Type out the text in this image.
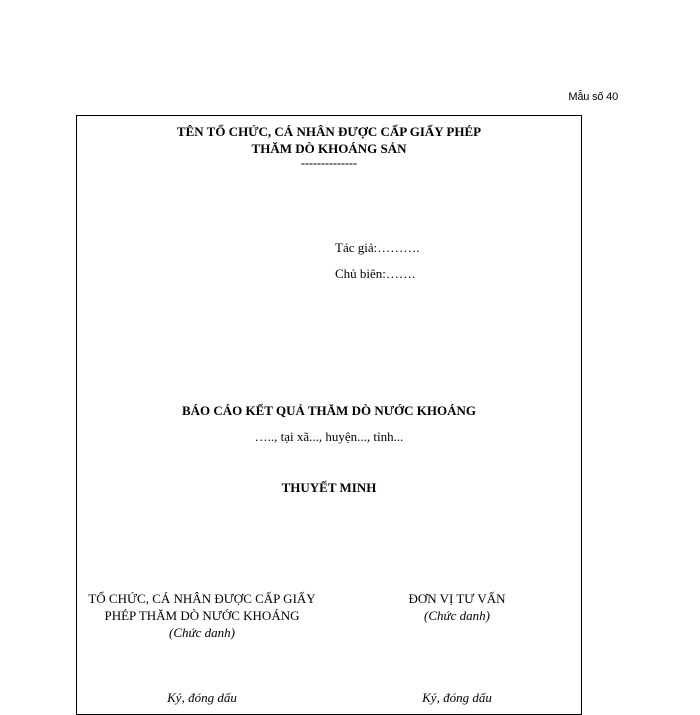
Mẫu số 40
TÊN TỔ CHỨC, CÁ NHÂN ĐƯỢC CẤP GIẤY PHÉP
THĂM DÒ KHOÁNG SẢN
--------------
Tác giả:……….
Chủ biên:…….
BÁO CÁO KẾT QUẢ THĂM DÒ NƯỚC KHOÁNG
….., tại xã..., huyện..., tỉnh...
THUYẾT MINH
TỔ CHỨC, CÁ NHÂN ĐƯỢC CẤP GIẤY
PHÉP THĂM DÒ NƯỚC KHOÁNG
(Chức danh)
ĐƠN VỊ TƯ VẤN
(Chức danh)
Ký, đóng dấu	Ký, đóng dấu
